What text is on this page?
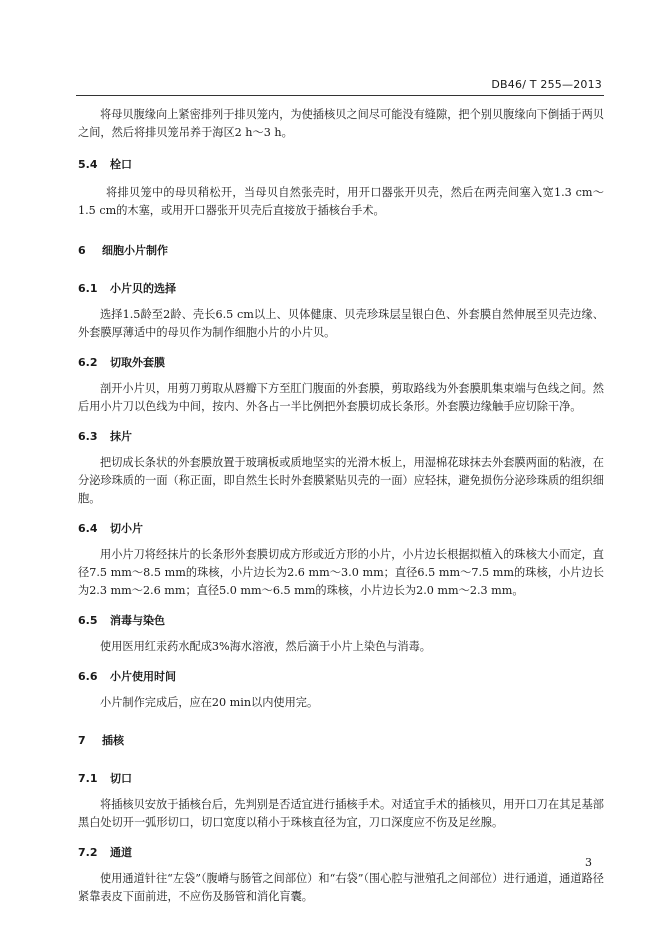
DB46/ T 255—2013

将母贝腹缘向上紧密排列于排贝笼内，为使插核贝之间尽可能没有缝隙，把个别贝腹缘向下倒插于两贝之间，然后将排贝笼吊养于海区2 h～3 h。

5.4 栓口

将排贝笼中的母贝稍松开，当母贝自然张壳时，用开口器张开贝壳，然后在两壳间塞入宽1.3 cm～1.5 cm的木塞，或用开口器张开贝壳后直接放于插核台手术。

6 细胞小片制作
6.1 小片贝的选择

选择1.5龄至2龄、壳长6.5 cm以上、贝体健康、贝壳珍珠层呈银白色、外套膜自然伸展至贝壳边缘、外套膜厚薄适中的母贝作为制作细胞小片的小片贝。

6.2 切取外套膜

剖开小片贝，用剪刀剪取从唇瓣下方至肛门腹面的外套膜，剪取路线为外套膜肌集束端与色线之间。然后用小片刀以色线为中间，按内、外各占一半比例把外套膜切成长条形。外套膜边缘触手应切除干净。

6.3 抹片

把切成长条状的外套膜放置于玻璃板或质地坚实的光滑木板上，用湿棉花球抹去外套膜两面的粘液，在分泌珍珠质的一面（称正面，即自然生长时外套膜紧贴贝壳的一面）应轻抹，避免损伤分泌珍珠质的组织细胞。

6.4 切小片

用小片刀将经抹片的长条形外套膜切成方形或近方形的小片，小片边长根据拟植入的珠核大小而定，直径7.5 mm～8.5 mm的珠核，小片边长为2.6 mm～3.0 mm；直径6.5 mm～7.5 mm的珠核，小片边长为2.3 mm～2.6 mm；直径5.0 mm～6.5 mm的珠核，小片边长为2.0 mm～2.3 mm。

6.5 消毒与染色

使用医用红汞药水配成3%海水溶液，然后滴于小片上染色与消毒。

6.6 小片使用时间

小片制作完成后，应在20 min以内使用完。

7 插核
7.1 切口

将插核贝安放于插核台后，先判别是否适宜进行插核手术。对适宜手术的插核贝，用开口刀在其足基部黑白处切开一弧形切口，切口宽度以稍小于珠核直径为宜，刀口深度应不伤及足丝腺。

7.2 通道

使用通道针往“左袋”（腹嵴与肠管之间部位）和“右袋”（围心腔与泄殖孔之间部位）进行通道，通道路径紧靠表皮下面前进，不应伤及肠管和消化肓囊。

3
